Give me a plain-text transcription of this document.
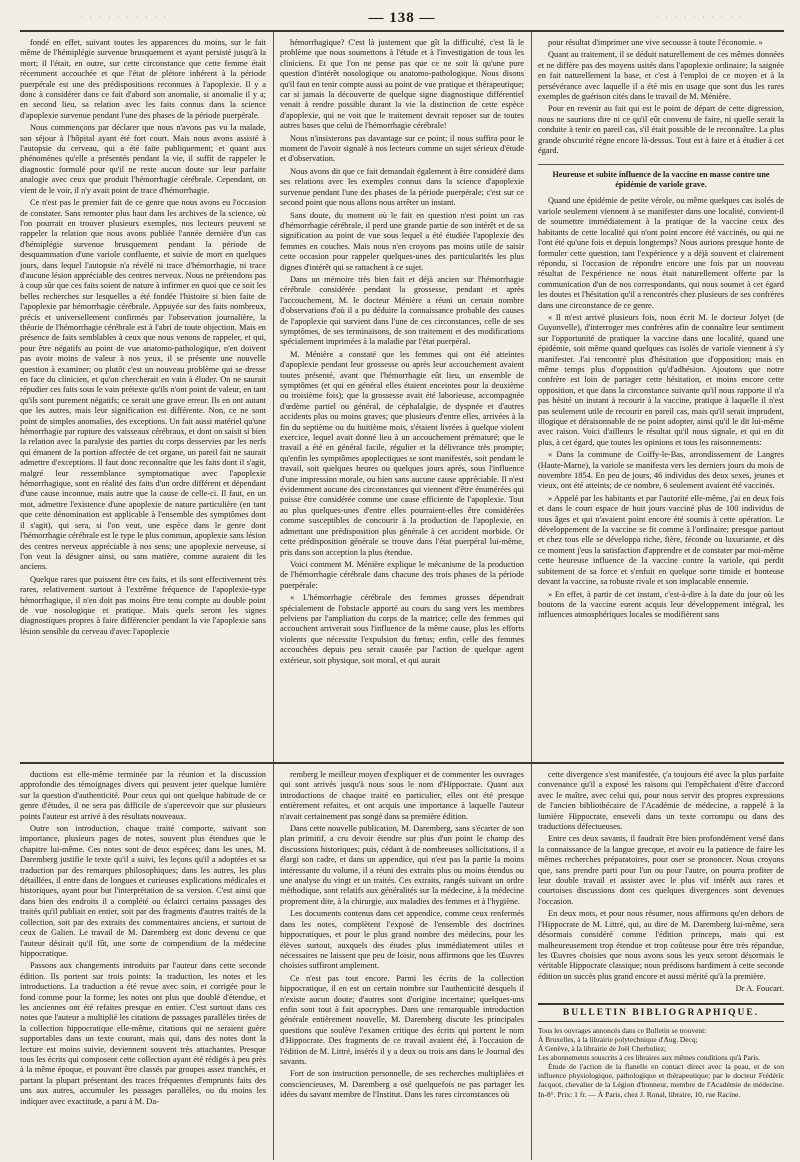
· · · · · · · · · ·	— 138 —	· · · · · · · · · ·

fondé en effet, suivant toutes les apparences du moins, sur le fait même de l'hémiplégie survenue brusquement et ayant persisté jusqu'à la mort; il l'était, en outre, sur cette circonstance que cette femme était récemment accouchée et que l'état de plétore inhérent à la période puerpérale est une des prédispositions reconnues à l'apoplexie. Il y a donc à considérer dans ce fait d'abord son anomalie, si anomalie il y a; en second lieu, sa relation avec les faits connus dans la science d'apoplexie survenue pendant l'une des phases de la période puerpérale.

Nous commençons par déclarer que nous n'avons pas vu la malade, son séjour à l'hôpital ayant été fort court. Mais nous avons assisté à l'autopsie du cerveau, qui a été faite publiquement; et quant aux phénomènes qu'elle a présentés pendant la vie, il suffit de rappeler le diagnostic formulé pour qu'il ne reste aucun doute sur leur parfaite analogie avec ceux que produit l'hémorrhagie cérébrale. Cependant, on vient de le voir, il n'y avait point de trace d'hémorrhagie.

Ce n'est pas le premier fait de ce genre que nous avons eu l'occasion de constater. Sans remonter plus haut dans les archives de la science, où l'on pourrait en trouver plusieurs exemples, nos lecteurs peuvent se rappeler la relation que nous avons publiée l'année dernière d'un cas d'hémiplégie survenue brusquement pendant la période de desquammation d'une variole confluente, et suivie de mort en quelques jours, dans lequel l'autopsie n'a révélé ni trace d'hémorrhagie, ni trace d'aucune lésion appréciable des centres nerveux. Nous ne prétendons pas à coup sûr que ces faits soient de nature à infirmer en quoi que ce soit les belles recherches sur lesquelles a été fondée l'histoire si bien faite de l'apoplexie par hémorrhagie cérébrale. Appuyée sur des faits nombreux, précis et universellement confirmés par l'observation journalière, la théorie de l'hémorrhagie cérébrale est à l'abri de toute objection. Mais en présence de faits semblables à ceux que nous venons de rappeler, et qui, pour être négatifs au point de vue anatomo-pathologique, n'en doivent pas avoir moins de valeur à nos yeux, il se présente une nouvelle question à examiner; ou plutôt c'est un nouveau problème qui se dresse en face du clinicien, et qu'on chercherait en vain à éluder. On ne saurait répudier ces faits sous le vain prétexte qu'ils n'ont point de valeur, en tant qu'ils sont purement négatifs; ce serait une grave erreur. Ils en ont autant que les autres, mais leur signification est différente. Non, ce ne sont point de simples anomalies, des exceptions. Un fait aussi matériel qu'une hémorrhagie par rupture des vaisseaux cérébraux, et dont on saisit si bien la relation avec la paralysie des parties du corps desservies par les nerfs qui émanent de la portion affectée de cet organe, un pareil fait ne saurait admettre d'exceptions. Il faut donc reconnaître que les faits dont il s'agit, malgré leur ressemblance symptomatique avec l'apoplexie hémorrhagique, sont en réalité des faits d'un ordre différent et dépendant d'une cause inconnue, mais autre que la cause de celle-ci. Il faut, en un mot, admettre l'existence d'une apoplexie de nature particulière (en tant que cette dénomination est applicable à l'ensemble des symptômes dont il s'agit), qui sera, si l'on veut, une espèce dans le genre dont l'hémorrhagie cérébrale est le type le plus commun, apoplexie sans lésion des centres nerveux appréciable à nos sens; une apoplexie nerveuse, si l'on veut la désigner ainsi, ou sans matière, comme auraient dit les anciens.

Quelque rares que puissent être ces faits, et ils sont effectivement très rares, relativement surtout à l'extrême fréquence de l'apoplexie-type hémorrhagique, il n'en doit pas moins être tenu compte au double point de vue nosologique et pratique. Mais quels seront les signes diagnostiques propres à faire différencier pendant la vie l'apoplexie sans lésion sensible du cerveau d'avec l'apoplexie

hémorrhagique? C'est là justement que gît la difficulté, c'est là le problème que nous soumettons à l'étude et à l'investigation de tous les cliniciens. Et que l'on ne pense pas que ce ne soit là qu'une pure question d'intérêt nosologique ou anatomo-pathologique. Nous disons qu'il faut en tenir compte aussi au point de vue pratique et thérapeutique; car si jamais la découverte de quelque signe diagnostique différentiel venait à rendre possible durant la vie la distinction de cette espèce d'apoplexie, qui ne voit que le traitement devrait reposer sur de toutes autres bases que celui de l'hémorrhagie cérébrale!

Nous n'insisterons pas davantage sur ce point; il nous suffira pour le moment de l'avoir signalé à nos lecteurs comme un sujet sérieux d'étude et d'observation.

Nous avons dit que ce fait demandait également à être considéré dans ses relations avec les exemples connus dans la science d'apoplexie survenue pendant l'une des phases de la période puerpérale; c'est sur ce second point que nous allons nous arrêter un instant.

Sans doute, du moment où le fait en question n'est point un cas d'hémorrhagie cérébrale, il perd une grande partie de son intérêt et de sa signification au point de vue sous lequel a été étudiée l'apoplexie des femmes en couches. Mais nous n'en croyons pas moins utile de saisir cette occasion pour rappeler quelques-unes des particularités les plus dignes d'intérêt qui se rattachent à ce sujet.

Dans un mémoire très bien fait et déjà ancien sur l'hémorrhagie cérébrale considérée pendant la grossesse, pendant et après l'accouchement, M. le docteur Ménière a réuni un certain nombre d'observations d'où il a pu déduire la connaissance probable des causes de l'apoplexie qui survient dans l'une de ces circonstances, celle de ses symptômes, de ses terminaisons, de son traitement et des modifications spécialement imprimées à la maladie par l'état puerpéral.

M. Ménière a constaté que les femmes qui ont été atteintes d'apoplexie pendant leur grossesse ou après leur accouchement avaient toutes présenté, avant que l'hémorrhagie eût lieu, un ensemble de symptômes (et qui en général elles étaient enceintes pour la deuxième ou troisième fois); que la grossesse avait été laborieuse, accompagnée d'œdème partiel ou général, de céphalalgie, de dyspnée et d'autres accidents plus ou moins graves; que plusieurs d'entre elles, arrivées à la fin du septième ou du huitième mois, s'étaient livrées à quelque violent exercice, lequel avait donné lieu à un accouchement prématuré; que le travail a été en général facile, régulier et la délivrance très prompte; qu'enfin les symptômes apoplectiques se sont manifestés, soit pendant le travail, soit quelques heures ou quelques jours après, sous l'influence d'une impression morale, ou bien sans aucune cause appréciable. Il n'est évidemment aucune des circonstances qui viennent d'être énumérées qui puisse être considérée comme une cause efficiente de l'apoplexie. Tout au plus quelques-unes d'entre elles pourraient-elles être considérées comme susceptibles de concourir à la production de l'apoplexie, en admettant une prédisposition plus générale à cet accident morbide. Or cette prédisposition générale se trouve dans l'état puerpéral lui-même, pris dans son acception la plus étendue.

Voici comment M. Ménière explique le mécanisme de la production de l'hémorrhagie cérébrale dans chacune des trois phases de la période puerpérale:

« L'hémorrhagie cérébrale des femmes grosses dépendrait spécialement de l'obstacle apporté au cours du sang vers les membres pelviens par l'ampliation du corps de la matrice; celle des femmes qui accouchent arriverait sous l'influence de la même cause, plus les efforts violents que nécessite l'expulsion du fœtus; enfin, celle des femmes accouchées depuis peu serait causée par l'action de quelque agent extérieur, soit physique, soit moral, et qui aurait

pour résultat d'imprimer une vive secousse à toute l'économie. »

Quant au traitement, il se déduit naturellement de ces mêmes données et ne diffère pas des moyens usités dans l'apoplexie ordinaire; la saignée en fait naturellement la base, et c'est à l'emploi de ce moyen et à la persévérance avec laquelle il a été mis en usage que sont dus les rares exemples de guérison cités dans le travail de M. Ménière.

Pour en revenir au fait qui est le point de départ de cette digression, nous ne saurions dire ni ce qu'il eût convenu de faire, ni quelle serait la conduite à tenir en pareil cas, s'il était possible de le reconnaître. La plus grande obscurité règne encore là-dessus. Tout est à faire et à étudier à cet égard.

Heureuse et subite influence de la vaccine en masse contre une épidémie de variole grave.

Quand une épidémie de petite vérole, ou même quelques cas isolés de variole seulement viennent à se manifester dans une localité, convient-il de soumettre immédiatement à la pratique de la vaccine ceux des habitants de cette localité qui n'ont point encore été vaccinés, ou qui ne l'ont été qu'une fois et depuis longtemps? Nous aurions presque honte de formuler cette question, tant l'expérience y a déjà souvent et clairement répondu, si l'occasion de répondre encore une fois par un nouveau résultat de l'expérience ne nous était naturellement offerte par la communication d'un de nos correspondants, qui nous soumet à cet égard les doutes et l'hésitation qu'il a rencontrés chez plusieurs de ses confrères dans une circonstance de ce genre.

« Il m'est arrivé plusieurs fois, nous écrit M. le docteur Jolyet (de Guyonvelle), d'interroger mes confrères afin de connaître leur sentiment sur l'opportunité de pratiquer la vaccine dans une localité, quand une épidémie, soit même quand quelques cas isolés de variole viennent à s'y manifester. J'ai rencontré plus d'hésitation que d'opposition; mais en même temps plus d'opposition qu'd'adhésion. Ajoutons que notre confrère est loin de partager cette hésitation, et moins encore cette opposition, et que dans la circonstance suivante qu'il nous rapporte il n'a pas hésité un instant à recourir à la vaccine, pratique à laquelle il n'est pas seulement utile de recourir en pareil cas, mais qu'il serait imprudent, illogique et déraisonnable de ne point adopter, ainsi qu'il le dit lui-même avec raison. Voici d'ailleurs le résultat qu'il nous signale, et qui en dit plus, à cet égard, que toutes les opinions et tous les raisonnements:

« Dans la commune de Coiffy-le-Bas, arrondissement de Langres (Haute-Marne), la variole se manifesta vers les derniers jours du mois de novembre 1854. En peu de jours, 46 individus des deux sexes, jeunes et vieux, ont été atteints; de ce nombre, 6 seulement avaient été vaccinés.

» Appelé par les habitants et par l'autorité elle-même, j'ai en deux fois et dans le court espace de huit jours vacciné plus de 100 individus de tous âges et qui n'avaient point encore été soumis à cette opération. Le développement de la vaccine se fit comme à l'ordinaire; presque partout et chez tous elle se développa riche, fière, féconde ou luxuriante, et dès ce moment j'eus la satisfaction d'apprendre et de constater par moi-même cette heureuse influence de la vaccine contre la variole, qui perdit subitement de sa force et s'enfuit en quelque sorte timide et honteuse devant la vaccine, sa robuste rivale et son implacable ennemie.

» En effet, à partir de cet instant, c'est-à-dire à la date du jour où les boutons de la vaccine eurent acquis leur développement intégral, les influences atmosphériques locales se modifièrent sans

ductions est elle-même terminée par la réunion et la discussion approfondie des témoignages divers qui peuvent jeter quelque lumière sur la question d'authenticité. Pour ceux qui ont quelque habitude de ce genre d'études, il ne sera pas difficile de s'apercevoir que sur plusieurs points l'auteur est arrivé à des résultats nouveaux.

Outre son introduction, chaque traité comporte, suivant son importance, plusieurs pages de notes, souvent plus étendues que le chapitre lui-même. Ces notes sont de deux espèces; dans les unes, M. Daremberg justifie le texte qu'il a suivi, les leçons qu'il a adoptées et sa traduction par des remarques philosophiques; dans les autres, les plus détaillées, il entre dans de longues et curieuses explications médicales et historiques, ayant pour but l'interprétation de sa version. C'est ainsi que dans bien des endroits il a complété ou éclairci certains passages des traités qu'il publiait en entier, soit par des fragments d'autres traités de la collection, soit par des extraits des commentaires anciens, et surtout de ceux de Galien. Le travail de M. Daremberg est donc devenu ce que l'auteur désirait qu'il fût, une sorte de compendium de la médecine hippocratique.

Passons aux changements introduits par l'auteur dans cette seconde édition. Ils portent sur trois points: la traduction, les notes et les introductions. La traduction a été revue avec soin, et corrigée pour le fond comme pour la forme; les notes ont plus que doublé d'étendue, et les anciennes ont été refaites presque en entier. C'est surtout dans ces notes que l'auteur a multiplié les citations de passages parallèles tirées de la collection hippocratique elle-même, citations qui ne seraient guère supportables dans un texte courant, mais qui, dans des notes dont la lecture est moins suivie, deviennent souvent très attachantes. Presque tous les écrits qui composent cette collection ayant été rédigés à peu près à la même époque, et pouvant être classés par groupes assez tranchés, et partant la plupart présentant des traces fréquentes d'emprunts faits des uns aux autres, accumuler les passages parallèles, ou du moins les indiquer avec exactitude, a paru à M. Da-

remberg le meilleur moyen d'expliquer et de commenter les ouvrages qui sont arrivés jusqu'à nous sous le nom d'Hippocrate. Quant aux introductions de chaque traité en particulier, elles ont été presque entièrement refaites, et ont acquis une importance à laquelle l'auteur n'avait certainement pas songé dans sa première édition.

Dans cette nouvelle publication, M. Daremberg, sans s'écarter de son plan primitif, a cru devoir étendre sur plus d'un point le champ des discussions historiques; puis, cédant à de nombreuses sollicitations, il a élargi son cadre, et dans un appendice, qui n'est pas la partie la moins intéressante du volume, il a réuni des extraits plus ou moins étendus ou une analyse du vingt et un traités. Ces extraits, rangés suivant un ordre méthodique, sont relatifs aux généralités sur la médecine, à la médecine proprement dite, à la chirurgie, aux maladies des femmes et à l'hygiène.

Les documents contenus dans cet appendice, comme ceux renfermés dans les notes, complètent l'exposé de l'ensemble des doctrines hippocratiques, et pour le plus grand nombre des médecins, pour les élèves surtout, auxquels des études plus immédiatement utiles et nécessaires ne laissent que peu de loisir, nous affirmons que les Œuvres choisies suffiront amplement.

Ce n'est pas tout encore. Parmi les écrits de la collection hippocratique, il en est un certain nombre sur l'authenticité desquels il n'existe aucun doute; d'autres sont d'origine incertaine; quelques-uns enfin sont tout à fait apocryphes. Dans une remarquable introduction générale entièrement nouvelle, M. Daremberg discute les principales questions que soulève l'examen critique des écrits qui portent le nom d'Hippocrate. Des fragments de ce travail avaient été, à l'occasion de l'édition de M. Littré, insérés il y a deux ou trois ans dans le Journal des savants.

Fort de son instruction personnelle, de ses recherches multipliées et consciencieuses, M. Daremberg a osé quelquefois ne pas partager les idées du savant membre de l'Institut. Dans les rares circonstances où

cette divergence s'est manifestée, ç'a toujours été avec la plus parfaite convenance qu'il a exposé les raisons qui l'empêchaient d'être d'accord avec le maître, avec celui qui, pour nous servir des propres expressions de l'ancien bibliothécaire de l'Académie de médecine, a rappelé à la lumière Hippocrate, enseveli dans un texte corrompu ou dans des traductions défectueuses.

Entre ces deux savants, il faudrait être bien profondément versé dans la connaissance de la langue grecque, et avoir eu la patience de faire les mêmes recherches préparatoires, pour oser se prononcer. Nous croyons que, sans prendre parti pour l'un ou pour l'autre, on pourra profiter de leur double travail et assister avec le plus vif intérêt aux rares et courtoises discussions dont ces quelques divergences sont devenues l'occasion.

En deux mots, et pour nous résumer, nous affirmons qu'en dehors de l'Hippocrate de M. Littré, qui, au dire de M. Daremberg lui-même, sera désormais considéré comme l'édition princeps, mais qui est malheureusement trop étendue et trop coûteuse pour être très répandue, les Œuvres choisies que nous avons sous les yeux seront désormais le véritable Hippocrate classique; nous prédisons hardiment à cette seconde édition un succès plus grand encore et aussi mérité qu'à la première.

Dr A. Foucart.
BULLETIN BIBLIOGRAPHIQUE.
Tous les ouvrages annoncés dans ce Bulletin se trouvent:
À Bruxelles, à la librairie polytechnique d'Aug. Decq;
À Genève, à la librairie de Joël Cherbuliez;
Les abonnements souscrits à ces libraires aux mêmes conditions qu'à Paris.

Étude de l'action de la flanelle en contact direct avec la peau, et de son influence physiologique, pathologique et thérapeutique; par le docteur Frédéric Jacquot, chevalier de la Légion d'honneur, membre de l'Académie de médecine. In-8°. Prix: 1 fr. — À Paris, chez J. Ronal, libraire, 10, rue Racine.
